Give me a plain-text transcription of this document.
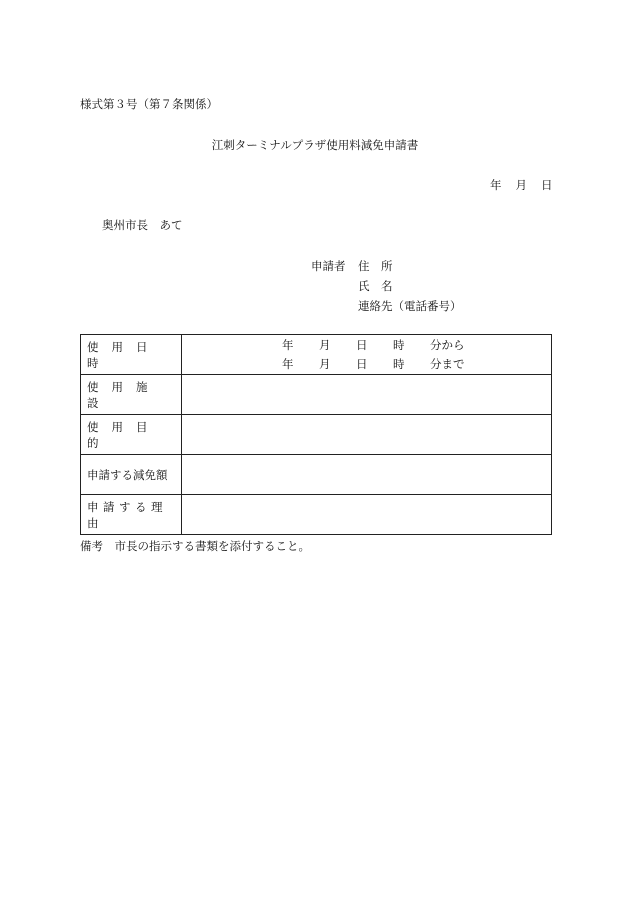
様式第３号（第７条関係）
江刺ターミナルプラザ使用料減免申請書
年 月 日
奥州市長　あて
申請者 住　所
氏　名
連絡先（電話番号）
使用日時	年 月 日 時 分から
年 月 日 時 分まで

使用施設	
使用目的	
申請する減免額	
申請する理由	
備考　市長の指示する書類を添付すること。
